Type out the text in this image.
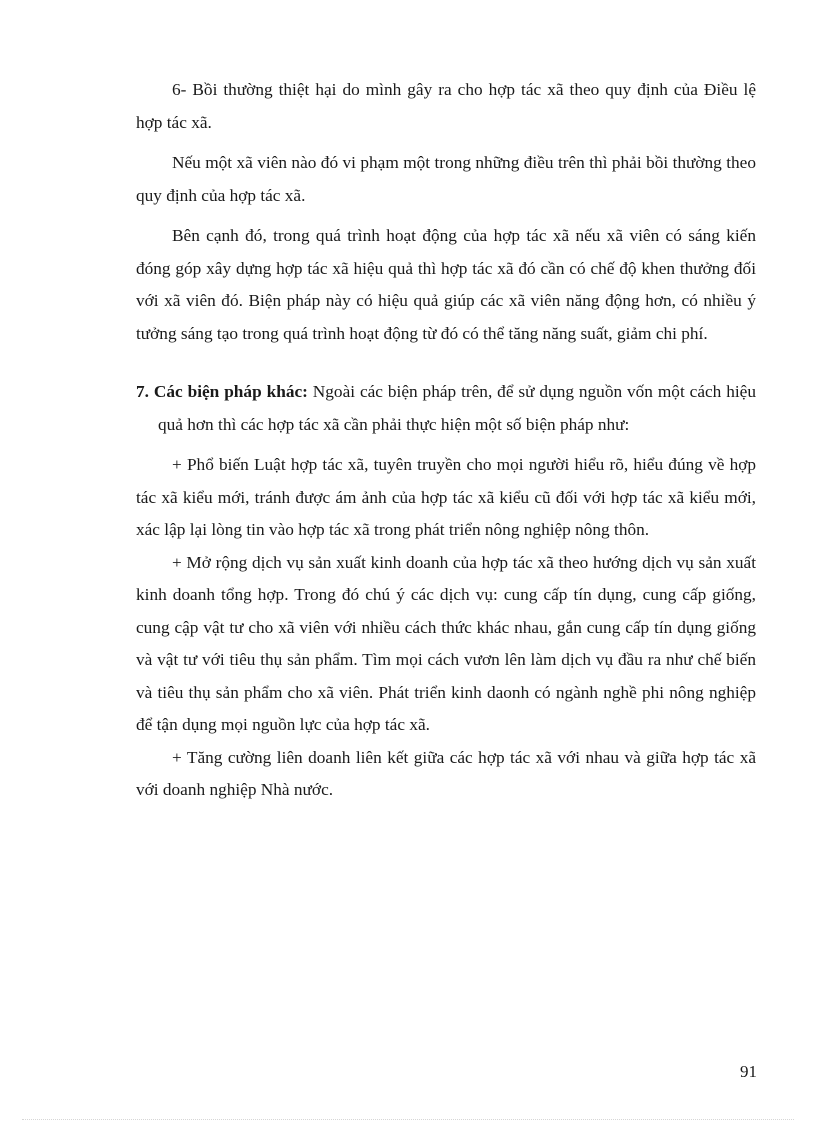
6- Bồi thường thiệt hại do mình gây ra cho hợp tác xã theo quy định của Điều lệ hợp tác xã.

Nếu một xã viên nào đó vi phạm một trong những điều trên thì phải bồi thường theo quy định của hợp tác xã.

Bên cạnh đó, trong quá trình hoạt động của hợp tác xã nếu xã viên có sáng kiến đóng góp xây dựng hợp tác xã hiệu quả thì hợp tác xã đó cần có chế độ khen thưởng đối với xã viên đó. Biện pháp này có hiệu quả giúp các xã viên năng động hơn, có nhiều ý tưởng sáng tạo trong quá trình hoạt động từ đó có thể tăng năng suất, giảm chi phí.

7. Các biện pháp khác: Ngoài các biện pháp trên, để sử dụng nguồn vốn một cách hiệu quả hơn thì các hợp tác xã cần phải thực hiện một số biện pháp như:

+ Phổ biến Luật hợp tác xã, tuyên truyền cho mọi người hiểu rõ, hiểu đúng về hợp tác xã kiểu mới, tránh được ám ảnh của hợp tác xã kiểu cũ đối với hợp tác xã kiểu mới, xác lập lại lòng tin vào hợp tác xã trong phát triển nông nghiệp nông thôn.

+ Mở rộng dịch vụ sản xuất kinh doanh của hợp tác xã theo hướng dịch vụ sản xuất kinh doanh tổng hợp. Trong đó chú ý các dịch vụ: cung cấp tín dụng, cung cấp giống, cung cập vật tư cho xã viên với nhiều cách thức khác nhau, gắn cung cấp tín dụng giống và vật tư với tiêu thụ sản phẩm. Tìm mọi cách vươn lên làm dịch vụ đầu ra như chế biến và tiêu thụ sản phẩm cho xã viên. Phát triển kinh daonh có ngành nghề phi nông nghiệp để tận dụng mọi nguồn lực của hợp tác xã.

+ Tăng cường liên doanh liên kết giữa các hợp tác xã với nhau và giữa hợp tác xã với doanh nghiệp Nhà nước.

91
